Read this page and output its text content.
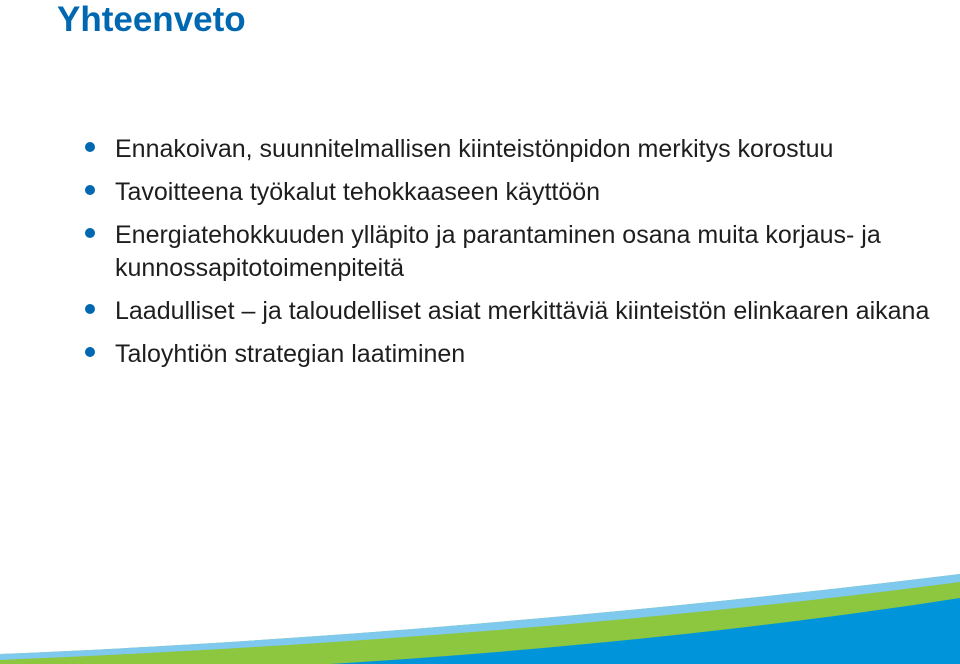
Yhteenveto
Ennakoivan, suunnitelmallisen kiinteistönpidon merkitys korostuu
Tavoitteena työkalut tehokkaaseen käyttöön
Energiatehokkuuden ylläpito ja parantaminen osana muita korjaus- ja kunnossapitotoimenpiteitä
Laadulliset – ja taloudelliset asiat merkittäviä kiinteistön elinkaaren aikana
Taloyhtiön strategian laatiminen
